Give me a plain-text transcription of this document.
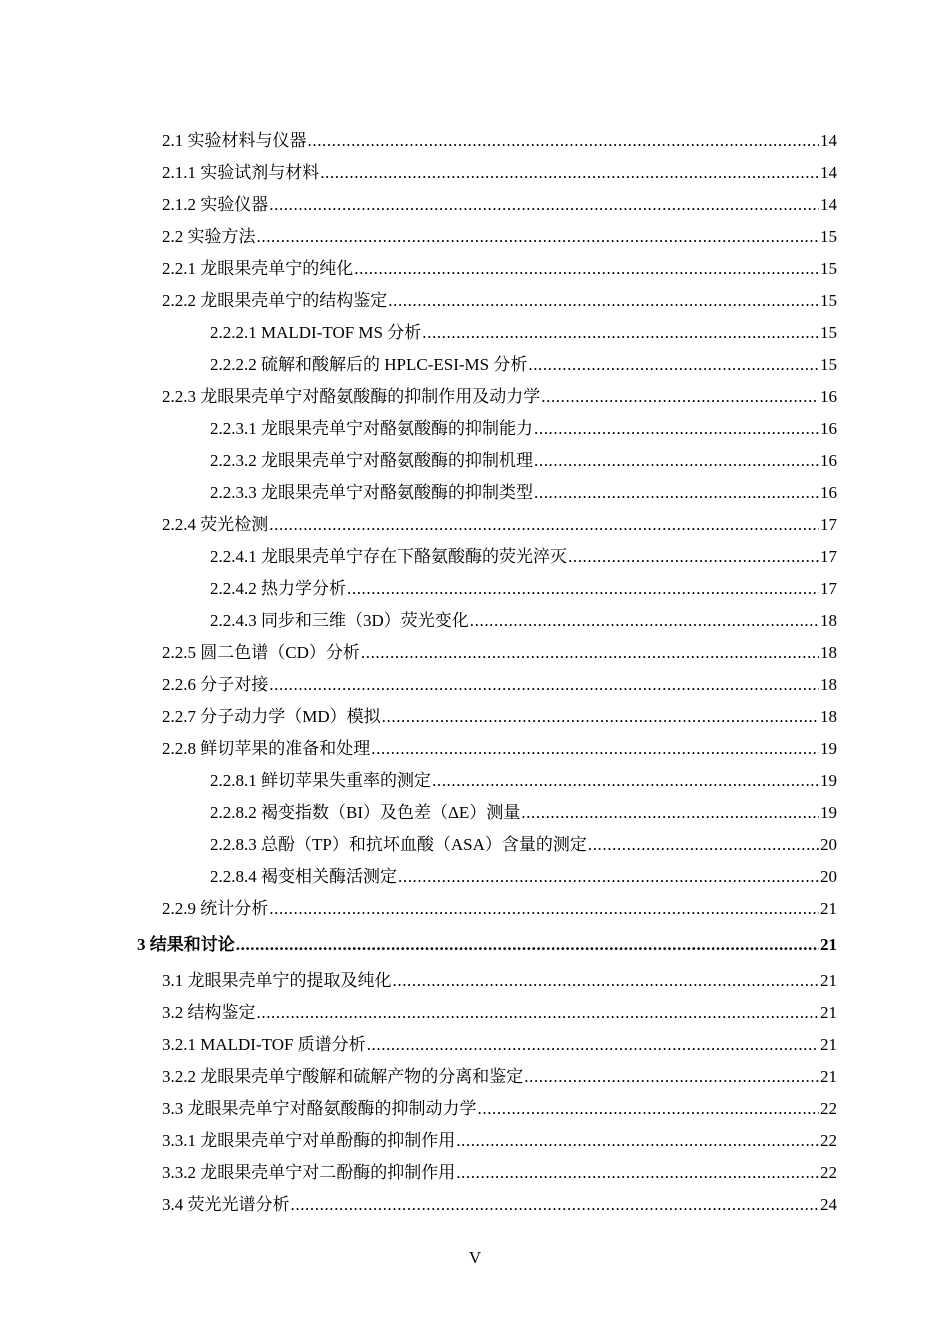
2.1 实验材料与仪器 .....	14
2.1.1 实验试剂与材料 .....	14
2.1.2 实验仪器 .....	14
2.2 实验方法 .....	15
2.2.1 龙眼果壳单宁的纯化 .....	15
2.2.2 龙眼果壳单宁的结构鉴定 .....	15
2.2.2.1 MALDI-TOF MS 分析 .....	15
2.2.2.2 硫解和酸解后的 HPLC-ESI-MS 分析 .....	15
2.2.3 龙眼果壳单宁对酪氨酸酶的抑制作用及动力学 .....	16
2.2.3.1 龙眼果壳单宁对酪氨酸酶的抑制能力 .....	16
2.2.3.2 龙眼果壳单宁对酪氨酸酶的抑制机理 .....	16
2.2.3.3 龙眼果壳单宁对酪氨酸酶的抑制类型 .....	16
2.2.4 荧光检测 .....	17
2.2.4.1 龙眼果壳单宁存在下酪氨酸酶的荧光淬灭 .....	17
2.2.4.2 热力学分析 .....	17
2.2.4.3 同步和三维（3D）荧光变化 .....	18
2.2.5 圆二色谱（CD）分析 .....	18
2.2.6 分子对接 .....	18
2.2.7 分子动力学（MD）模拟 .....	18
2.2.8 鲜切苹果的准备和处理 .....	19
2.2.8.1 鲜切苹果失重率的测定 .....	19
2.2.8.2 褐变指数（BI）及色差（ΔE）测量 .....	19
2.2.8.3 总酚（TP）和抗坏血酸（ASA）含量的测定 .....	20
2.2.8.4 褐变相关酶活测定 .....	20
2.2.9 统计分析 .....	21
3 结果和讨论 .....	21
3.1 龙眼果壳单宁的提取及纯化 .....	21
3.2 结构鉴定 .....	21
3.2.1 MALDI-TOF 质谱分析 .....	21
3.2.2 龙眼果壳单宁酸解和硫解产物的分离和鉴定 .....	21
3.3 龙眼果壳单宁对酪氨酸酶的抑制动力学 .....	22
3.3.1 龙眼果壳单宁对单酚酶的抑制作用 .....	22
3.3.2 龙眼果壳单宁对二酚酶的抑制作用 .....	22
3.4 荧光光谱分析 .....	24
V
